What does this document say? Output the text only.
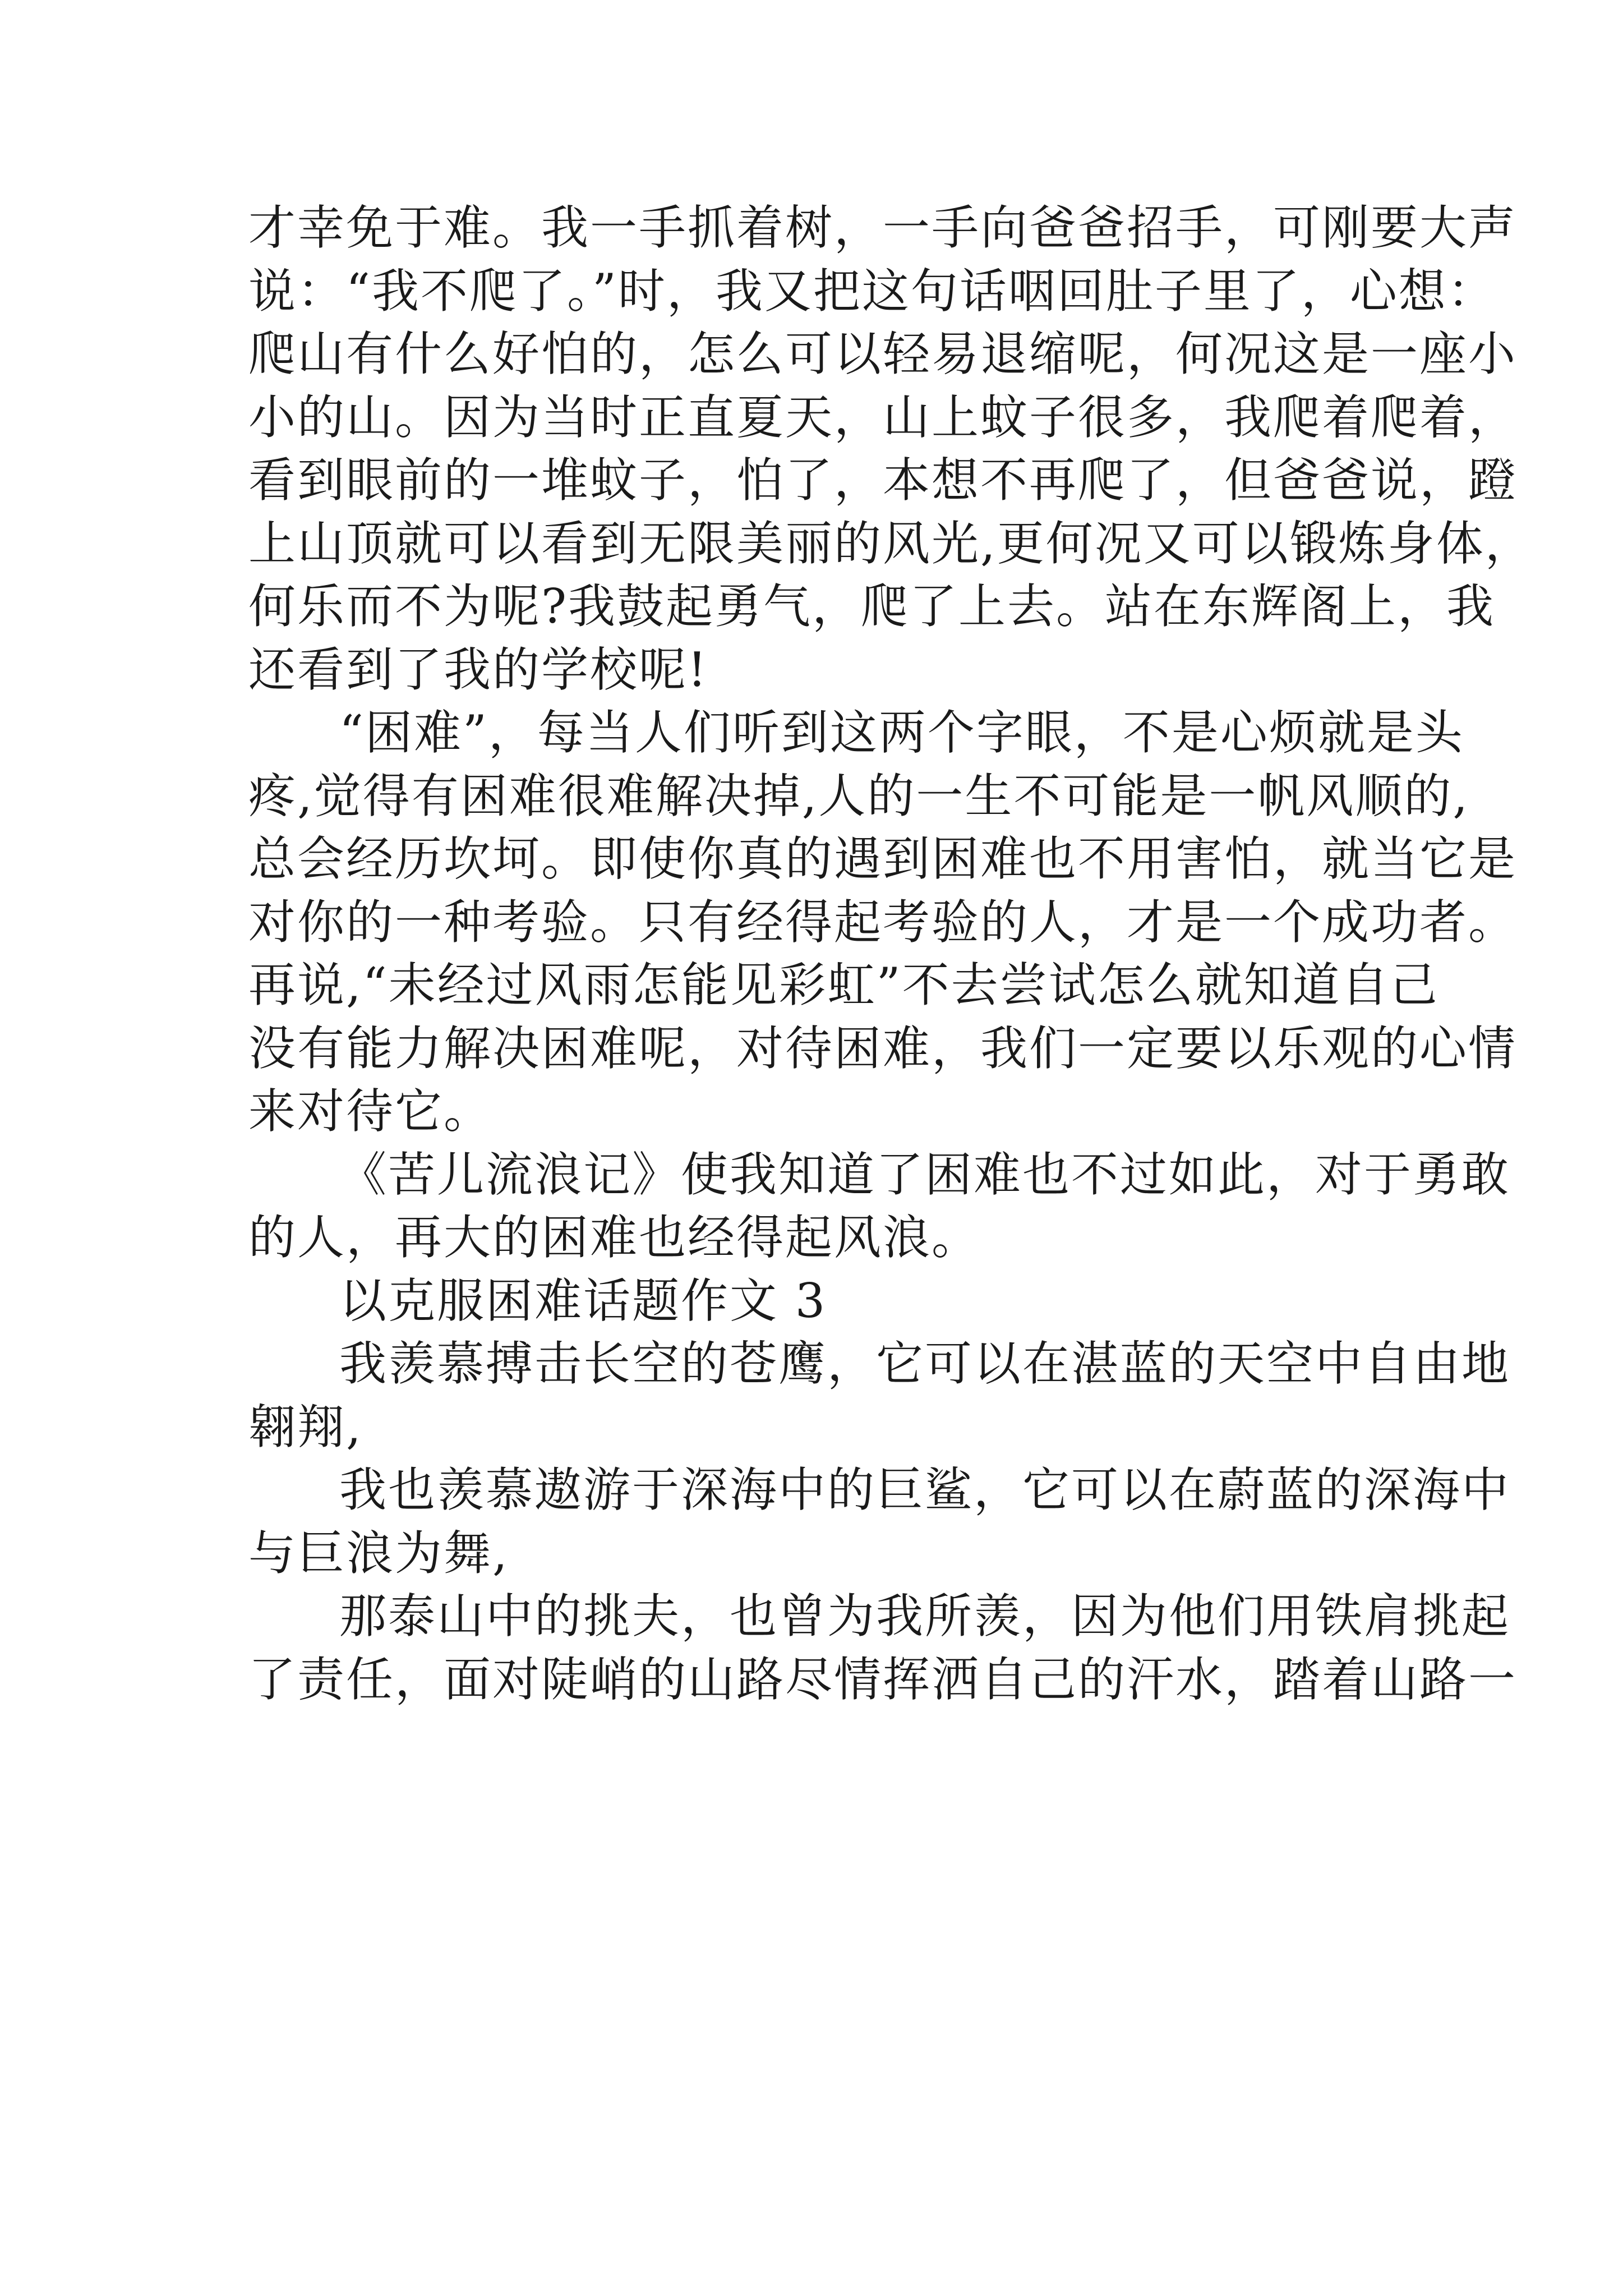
才幸免于难。我一手抓着树，一手向爸爸招手，可刚要大声
说：“我不爬了。”时，我又把这句话咽回肚子里了，心想：
爬山有什么好怕的，怎么可以轻易退缩呢，何况这是一座小
小的山。因为当时正直夏天，山上蚊子很多，我爬着爬着，
看到眼前的一堆蚊子，怕了，本想不再爬了，但爸爸说，蹬
上山顶就可以看到无限美丽的风光,更何况又可以锻炼身体，
何乐而不为呢?我鼓起勇气，爬了上去。站在东辉阁上，我
还看到了我的学校呢!
“困难”，每当人们听到这两个字眼，不是心烦就是头
疼,觉得有困难很难解决掉,人的一生不可能是一帆风顺的,
总会经历坎坷。即使你真的遇到困难也不用害怕，就当它是
对你的一种考验。只有经得起考验的人，才是一个成功者。
再说,“未经过风雨怎能见彩虹”不去尝试怎么就知道自己
没有能力解决困难呢，对待困难，我们一定要以乐观的心情
来对待它。
《苦儿流浪记》使我知道了困难也不过如此，对于勇敢
的人，再大的困难也经得起风浪。
以克服困难话题作文 3
我羡慕搏击长空的苍鹰，它可以在湛蓝的天空中自由地
翱翔,
我也羡慕遨游于深海中的巨鲨，它可以在蔚蓝的深海中
与巨浪为舞,
那泰山中的挑夫，也曾为我所羡，因为他们用铁肩挑起
了责任，面对陡峭的山路尽情挥洒自己的汗水，踏着山路一
